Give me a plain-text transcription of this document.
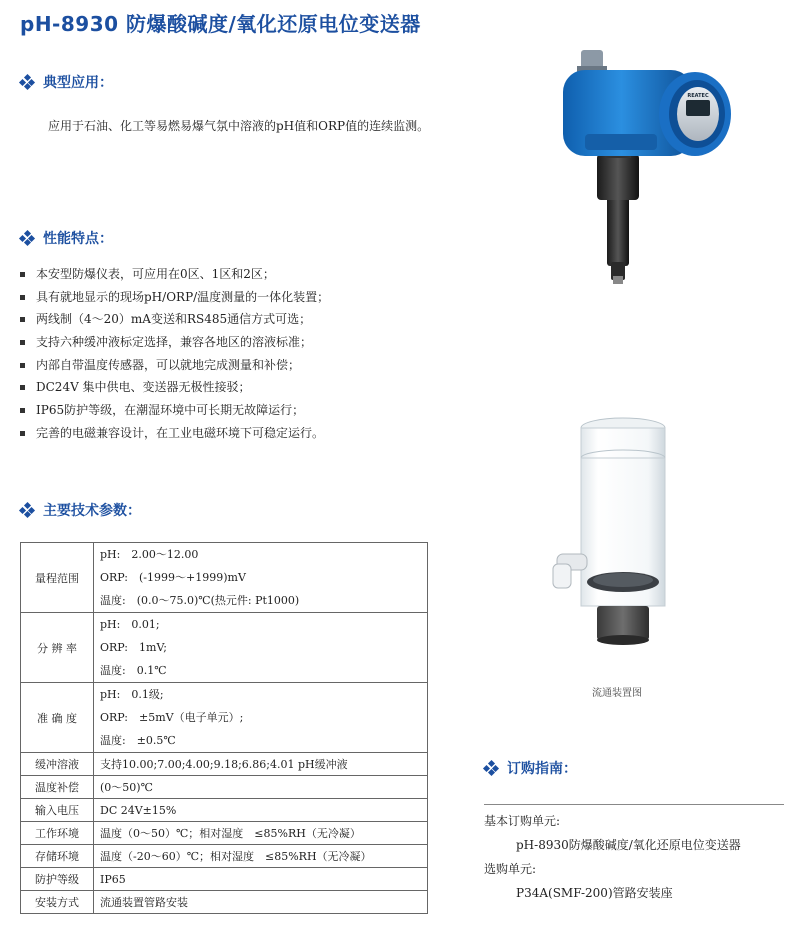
pH-8930 防爆酸碱度/氧化还原电位变送器
典型应用：
应用于石油、化工等易燃易爆气氛中溶液的pH值和ORP值的连续监测。
性能特点：
本安型防爆仪表，可应用在0区、1区和2区；
具有就地显示的现场pH/ORP/温度测量的一体化装置；
两线制（4～20）mA变送和RS485通信方式可选；
支持六种缓冲液标定选择，兼容各地区的溶液标准；
内部自带温度传感器，可以就地完成测量和补偿；
DC24V 集中供电、变送器无极性接驳；
IP65防护等级，在潮湿环境中可长期无故障运行；
完善的电磁兼容设计，在工业电磁环境下可稳定运行。
主要技术参数：
量程范围	pH:　2.00～12.00
ORP:　(-1999～+1999)mV
温度:　(0.0～75.0)℃(热元件: Pt1000)

分 辨 率	pH:　0.01;
ORP:　1mV;
温度:　0.1℃

准 确 度	pH:　0.1级;
ORP:　±5mV（电子单元）;
温度:　±0.5℃

缓冲溶液	支持10.00;7.00;4.00;9.18;6.86;4.01 pH缓冲液
温度补偿	(0～50)℃
输入电压	DC 24V±15%
工作环境	温度（0～50）℃；相对湿度　≤85%RH（无冷凝）
存储环境	温度（-20～60）℃；相对湿度　≤85%RH（无冷凝）
防护等级	IP65
安装方式	流通装置管路安装
REATEC
流通装置图
订购指南：
基本订购单元:
pH-8930防爆酸碱度/氧化还原电位变送器
选购单元:
P34A(SMF-200)管路安装座
